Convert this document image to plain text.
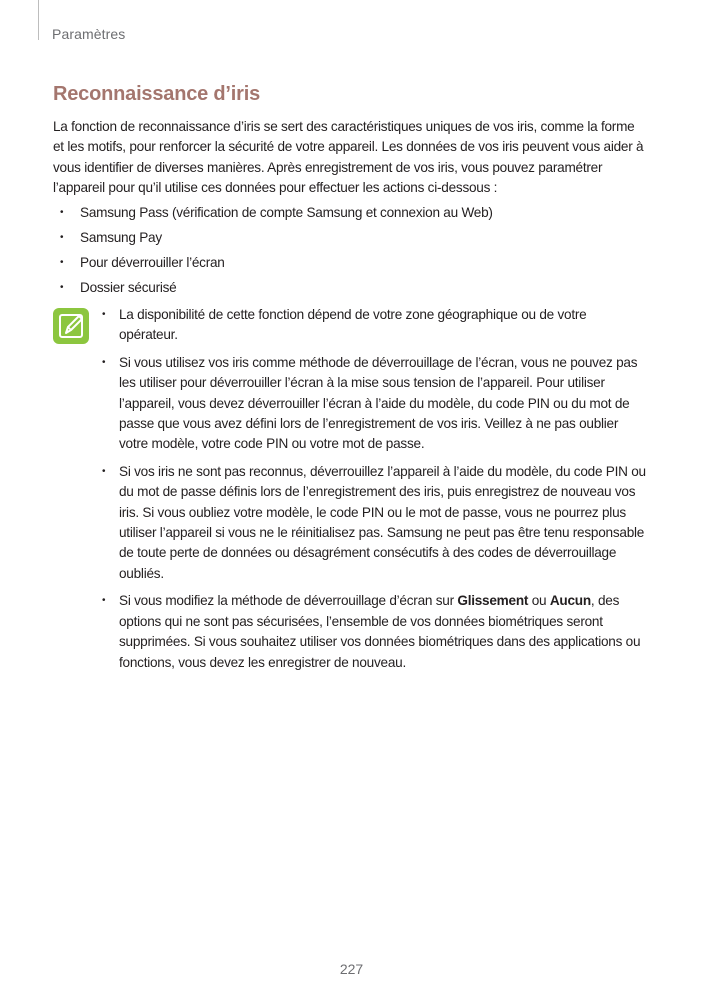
Paramètres
Reconnaissance d’iris

La fonction de reconnaissance d’iris se sert des caractéristiques uniques de vos iris, comme la forme et les motifs, pour renforcer la sécurité de votre appareil. Les données de vos iris peuvent vous aider à vous identifier de diverses manières. Après enregistrement de vos iris, vous pouvez paramétrer l’appareil pour qu’il utilise ces données pour effectuer les actions ci-dessous :

• Samsung Pass (vérification de compte Samsung et connexion au Web)
• Samsung Pay
• Pour déverrouiller l’écran
• Dossier sécurisé
• La disponibilité de cette fonction dépend de votre zone géographique ou de votre opérateur.
• Si vous utilisez vos iris comme méthode de déverrouillage de l’écran, vous ne pouvez pas les utiliser pour déverrouiller l’écran à la mise sous tension de l’appareil. Pour utiliser l’appareil, vous devez déverrouiller l’écran à l’aide du modèle, du code PIN ou du mot de passe que vous avez défini lors de l’enregistrement de vos iris. Veillez à ne pas oublier votre modèle, votre code PIN ou votre mot de passe.
• Si vos iris ne sont pas reconnus, déverrouillez l’appareil à l’aide du modèle, du code PIN ou du mot de passe définis lors de l’enregistrement des iris, puis enregistrez de nouveau vos iris. Si vous oubliez votre modèle, le code PIN ou le mot de passe, vous ne pourrez plus utiliser l’appareil si vous ne le réinitialisez pas. Samsung ne peut pas être tenu responsable de toute perte de données ou désagrément consécutifs à des codes de déverrouillage oubliés.
• Si vous modifiez la méthode de déverrouillage d’écran sur Glissement ou Aucun, des options qui ne sont pas sécurisées, l’ensemble de vos données biométriques seront supprimées. Si vous souhaitez utiliser vos données biométriques dans des applications ou fonctions, vous devez les enregistrer de nouveau.
227
